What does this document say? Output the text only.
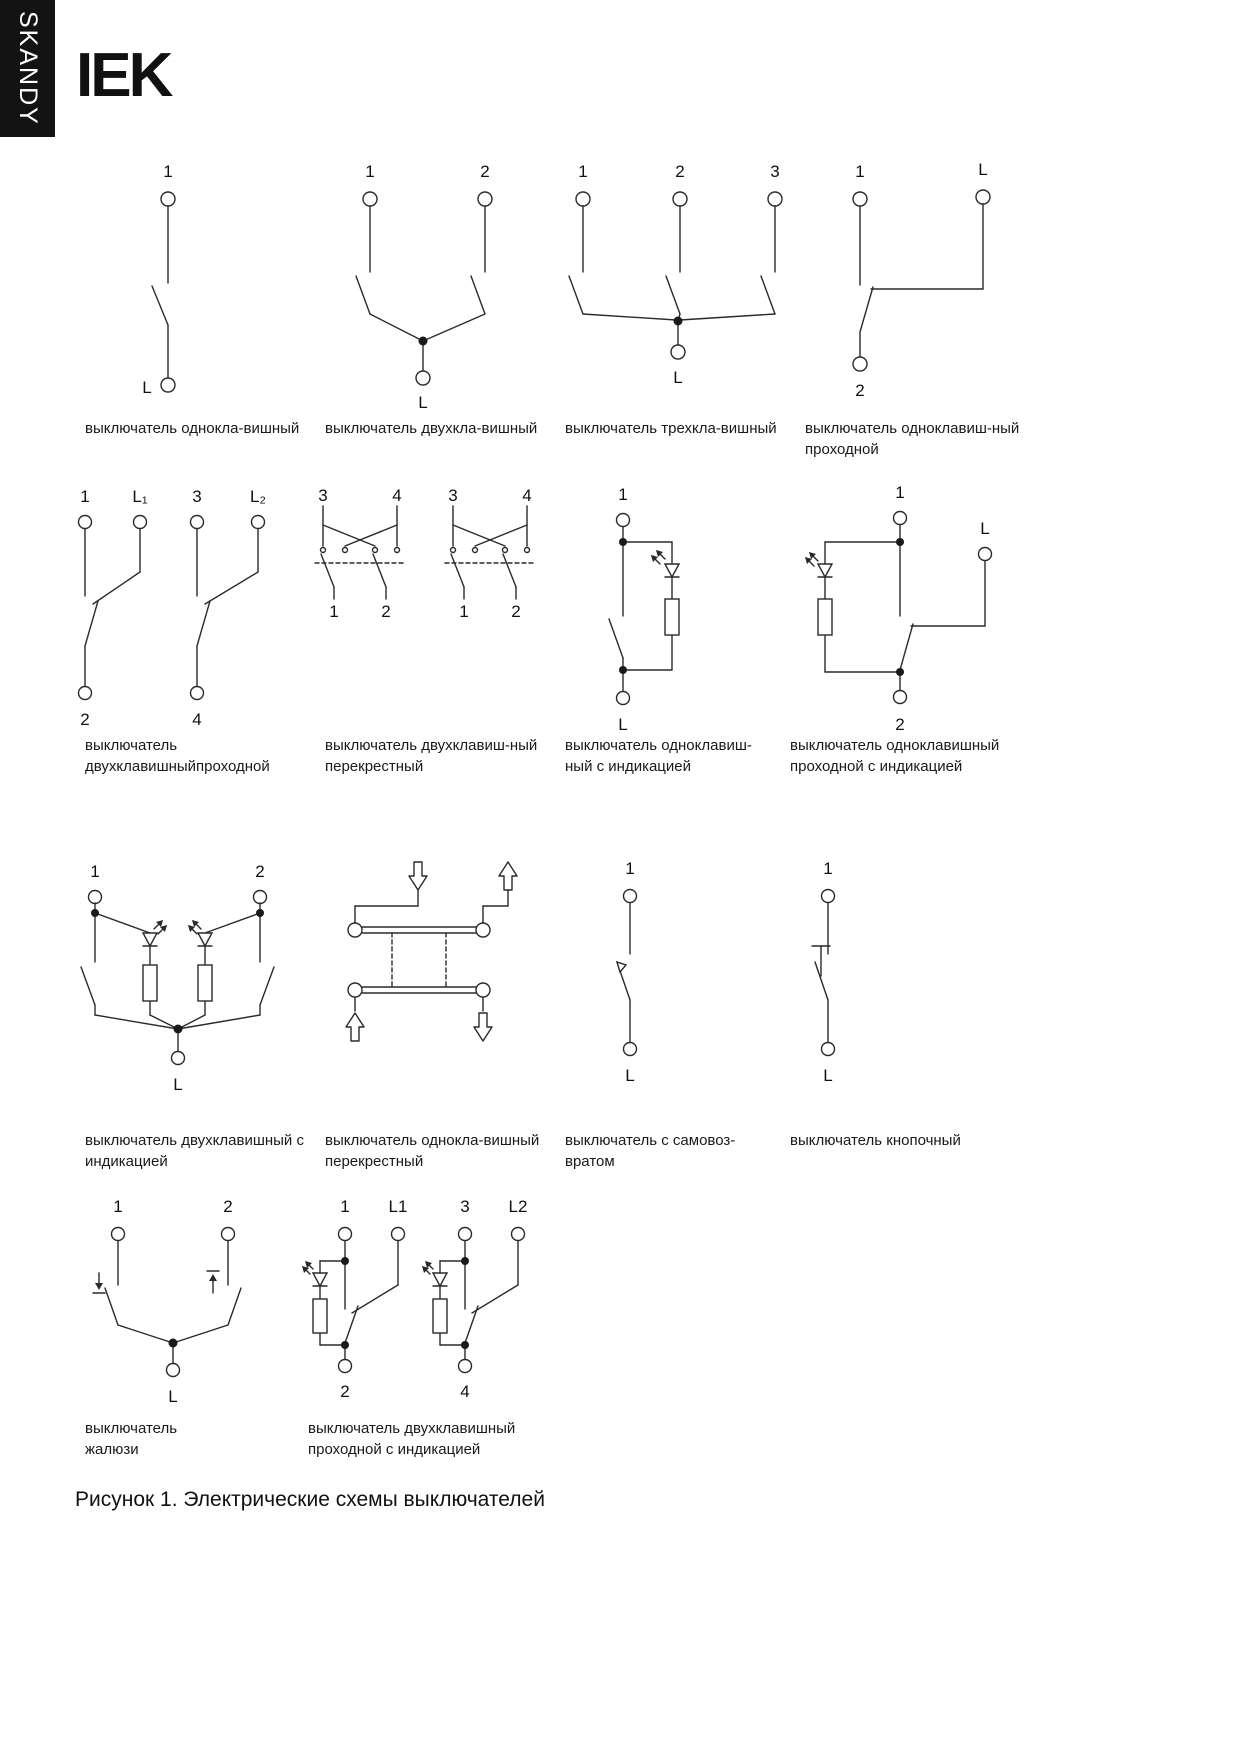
SKANDY IEK
1
L
1	2
L
1	2	3
L
1	L
2
1	L₁	3	L₂
2	4
3	4
1	2
3	4
1	2
1
L
1
L
2
1	2
L
1
L
1
L
1	2
L
1 L1	3 L2
2	4
выключатель однокла-вишный выключатель двухкла-вишный выключатель трехкла-вишный выключатель одноклавиш-ный
проходной
выключатель
двухклавишныйпроходной
выключатель двухклавиш-ный
перекрестный
выключатель одноклавиш-
ный с индикацией
выключатель одноклавишный
проходной с индикацией
выключатель двухклавишный с
индикацией
выключатель однокла-вишный
перекрестный
выключатель с самовоз-
вратом
выключатель кнопочный
выключатель
жалюзи
выключатель двухклавишный
проходной с индикацией
Рисунок 1. Электрические схемы выключателей
